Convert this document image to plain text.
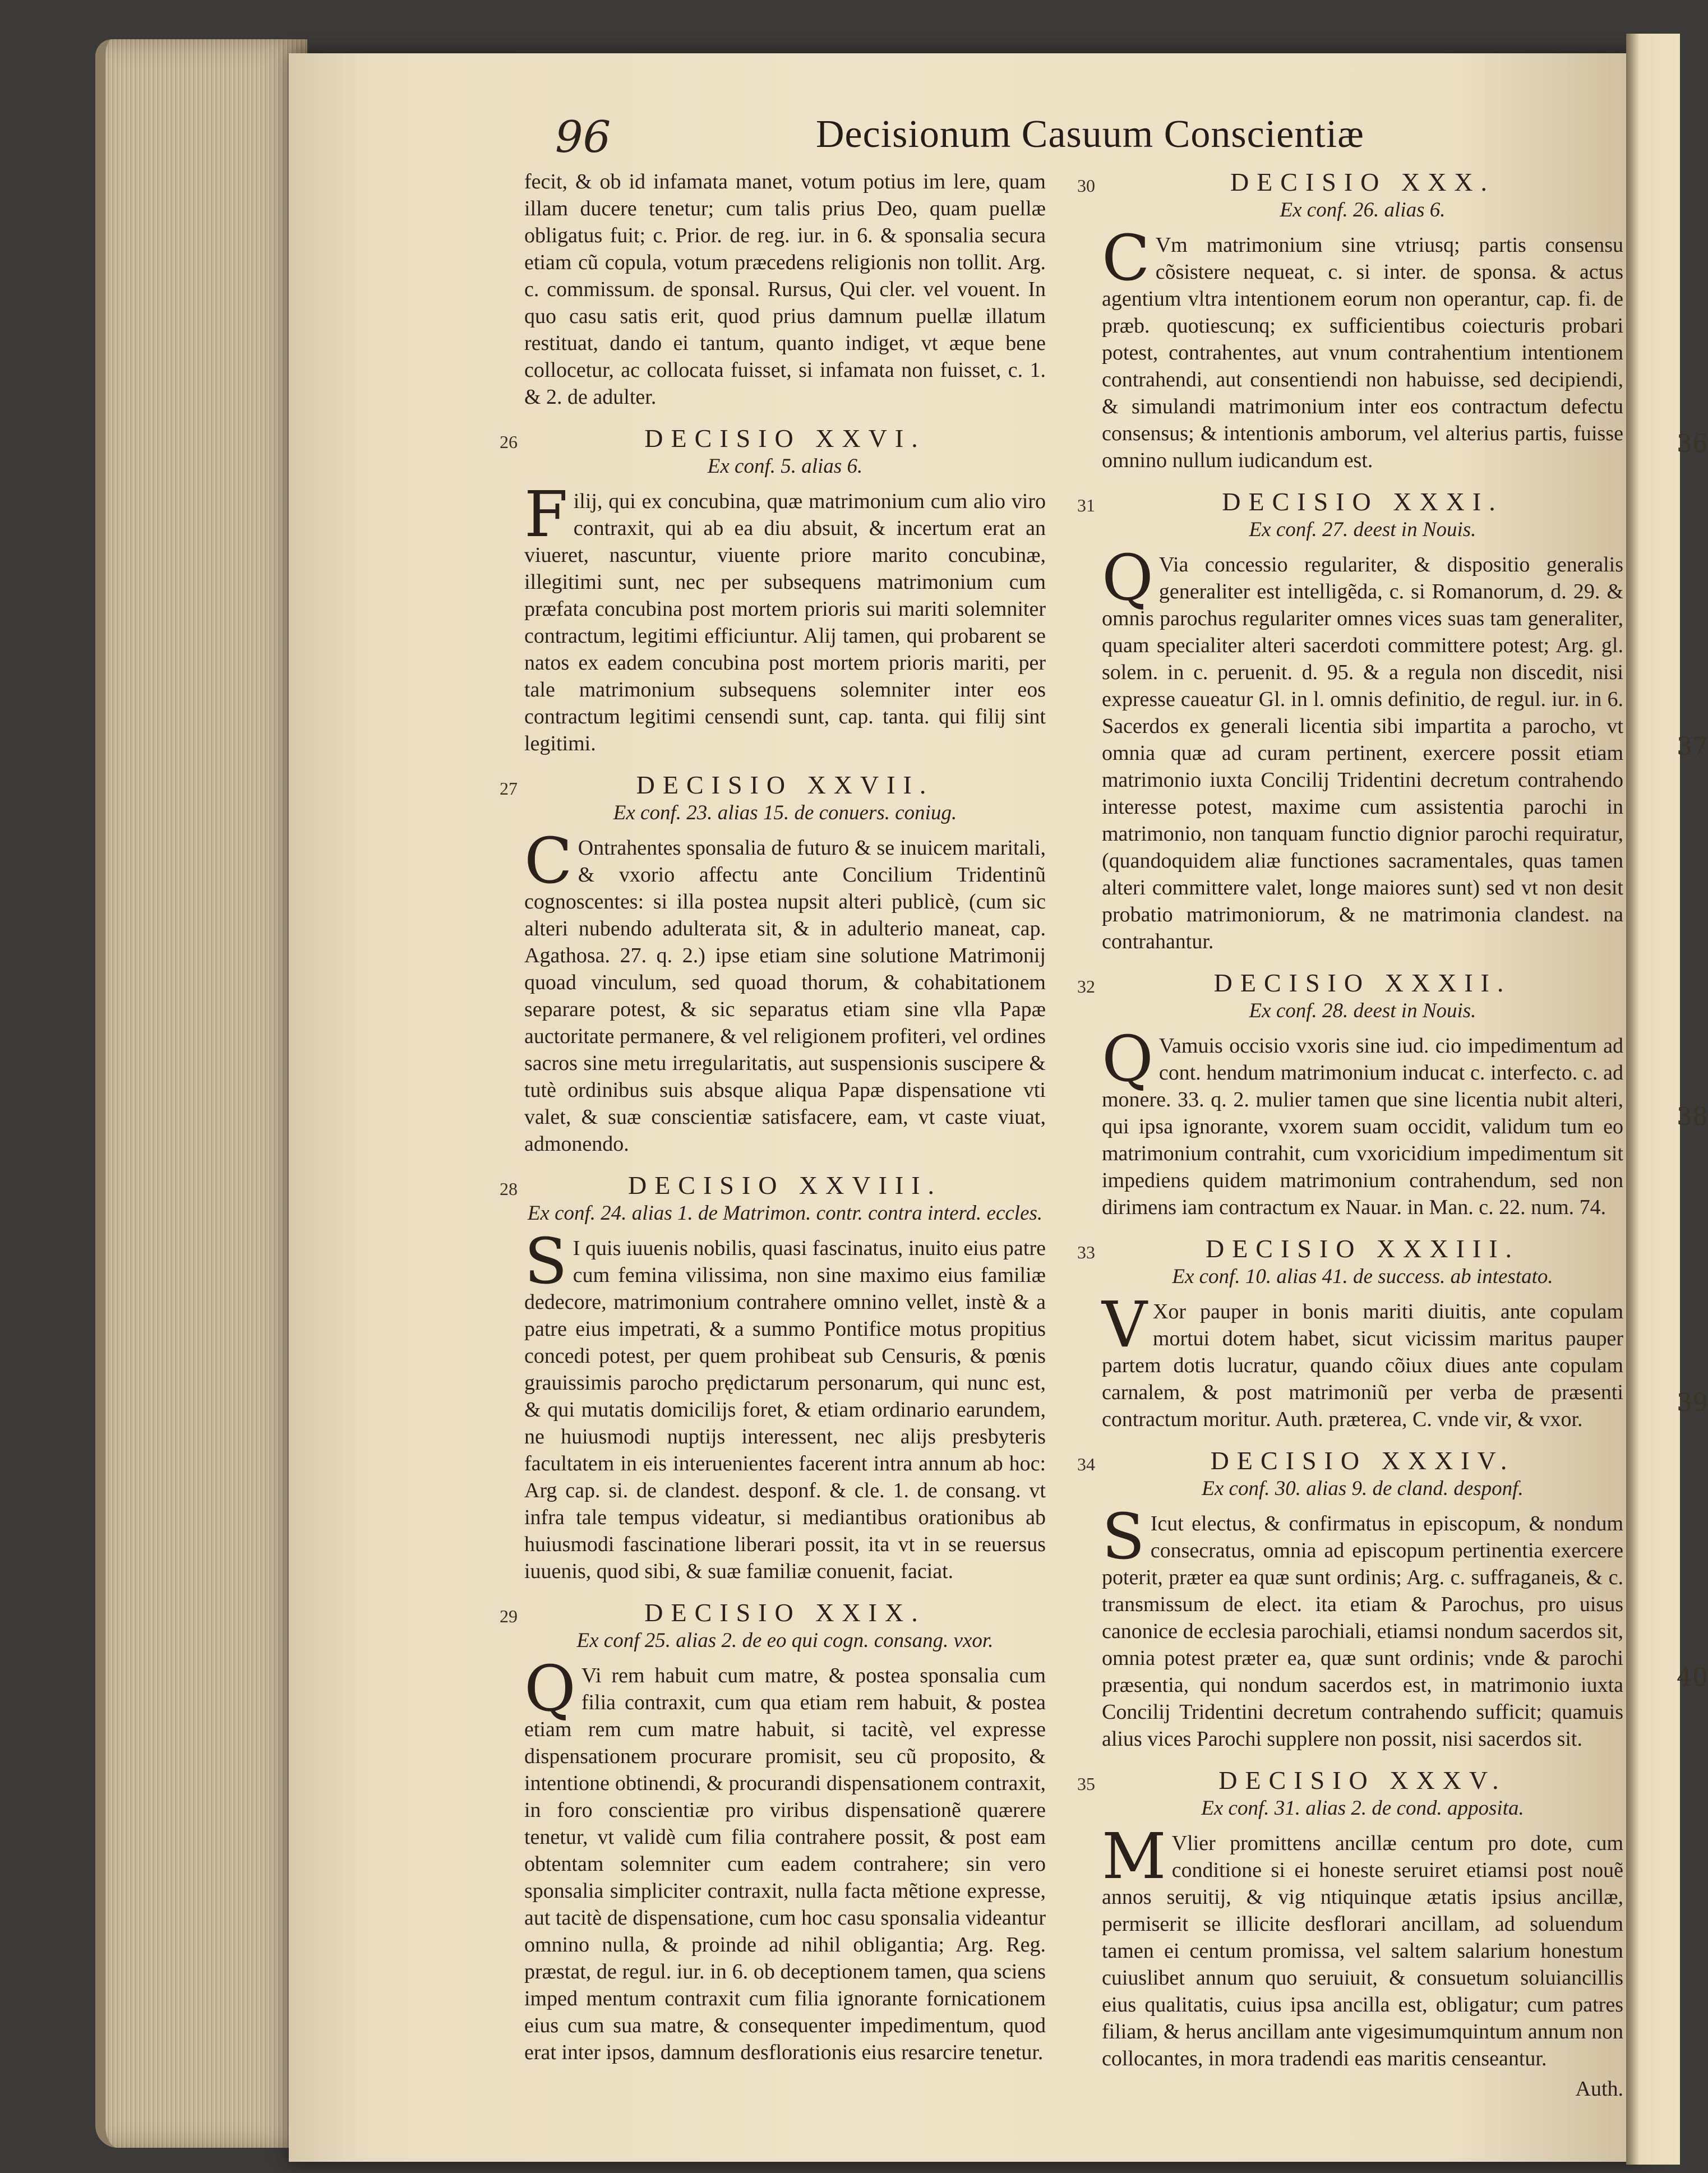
96	Decisionum Casuum Conscientiæ

fecit, & ob id infamata manet, votum potius im lere, quam illam ducere tenetur; cum talis prius Deo, quam puellæ obligatus fuit; c. Prior. de reg. iur. in 6. & sponsalia secura etiam cũ copula, votum præcedens religionis non tollit. Arg. c. commissum. de sponsal. Rursus, Qui cler. vel vouent. In quo casu satis erit, quod prius damnum puellæ illatum restituat, dando ei tantum, quanto indiget, vt æque bene collocetur, ac collocata fuisset, si infamata non fuisset, c. 1. & 2. de adulter.

DECISIO XXVI.
Ex conf. 5. alias 6.
26

Filij, qui ex concubina, quæ matrimonium cum alio viro contraxit, qui ab ea diu absuit, & incertum erat an viueret, nascuntur, viuente priore marito concubinæ, illegitimi sunt, nec per subsequens matrimonium cum præfata concubina post mortem prioris sui mariti solemniter contractum, legitimi efficiuntur. Alij tamen, qui probarent se natos ex eadem concubina post mortem prioris mariti, per tale matrimonium subsequens solemniter inter eos contractum legitimi censendi sunt, cap. tanta. qui filij sint legitimi.

DECISIO XXVII.
Ex conf. 23. alias 15. de conuers. coniug.
27

C Ontrahentes sponsalia de futuro & se inuicem maritali, & vxorio affectu ante Concilium Tridentinũ cognoscentes: si illa postea nupsit alteri publicè, (cum sic alteri nubendo adulterata sit, & in adulterio maneat, cap. Agathosa. 27. q. 2.) ipse etiam sine solutione Matrimonij quoad vinculum, sed quoad thorum, & cohabitationem separare potest, & sic separatus etiam sine vlla Papæ auctoritate permanere, & vel religionem profiteri, vel ordines sacros sine metu irregularitatis, aut suspensionis suscipere & tutè ordinibus suis absque aliqua Papæ dispensatione vti valet, & suæ conscientiæ satisfacere, eam, vt caste viuat, admonendo.

DECISIO XXVIII.
Ex conf. 24. alias 1. de Matrimon. contr. contra interd. eccles.
28

S I quis iuuenis nobilis, quasi fascinatus, inuito eius patre cum femina vilissima, non sine maximo eius familiæ dedecore, matrimonium contrahere omnino vellet, instè & a patre eius impetrati, & a summo Pontifice motus propitius concedi potest, per quem prohibeat sub Censuris, & pœnis grauissimis parocho prędictarum personarum, qui nunc est, & qui mutatis domicilijs foret, & etiam ordinario earundem, ne huiusmodi nuptijs interessent, nec alijs presbyteris facultatem in eis interuenientes facerent intra annum ab hoc: Arg cap. si. de clandest. desponf. & cle. 1. de consang. vt infra tale tempus videatur, si mediantibus orationibus ab huiusmodi fascinatione liberari possit, ita vt in se reuersus iuuenis, quod sibi, & suæ familiæ conuenit, faciat.

DECISIO XXIX.
Ex conf 25. alias 2. de eo qui cogn. consang. vxor.
29

Q Vi rem habuit cum matre, & postea sponsalia cum filia contraxit, cum qua etiam rem habuit, & postea etiam rem cum matre habuit, si tacitè, vel expresse dispensationem procurare promisit, seu cũ proposito, & intentione obtinendi, & procurandi dispensationem contraxit, in foro conscientiæ pro viribus dispensationẽ quærere tenetur, vt validè cum filia contrahere possit, & post eam obtentam solemniter cum eadem contrahere; sin vero sponsalia simpliciter contraxit, nulla facta mẽtione expresse, aut tacitè de dispensatione, cum hoc casu sponsalia videantur omnino nulla, & proinde ad nihil obligantia; Arg. Reg. præstat, de regul. iur. in 6. ob deceptionem tamen, qua sciens imped mentum contraxit cum filia ignorante fornicationem eius cum sua matre, & consequenter impedimentum, quod erat inter ipsos, damnum desflorationis eius resarcire tenetur.

DECISIO XXX.
Ex conf. 26. alias 6.
30

C Vm matrimonium sine vtriusq; partis consensu cõsistere nequeat, c. si inter. de sponsa. & actus agentium vltra intentionem eorum non operantur, cap. fi. de præb. quotiescunq; ex sufficientibus coiecturis probari potest, contrahentes, aut vnum contrahentium intentionem contrahendi, aut consentiendi non habuisse, sed decipiendi, & simulandi matrimonium inter eos contractum defectu consensus; & intentionis amborum, vel alterius partis, fuisse omnino nullum iudicandum est.

DECISIO XXXI.
Ex conf. 27. deest in Nouis.
31

Q Via concessio regulariter, & dispositio generalis generaliter est intelligẽda, c. si Romanorum, d. 29. & omnis parochus regulariter omnes vices suas tam generaliter, quam specialiter alteri sacerdoti committere potest; Arg. gl. solem. in c. peruenit. d. 95. & a regula non discedit, nisi expresse caueatur Gl. in l. omnis definitio, de regul. iur. in 6. Sacerdos ex generali licentia sibi impartita a parocho, vt omnia quæ ad curam pertinent, exercere possit etiam matrimonio iuxta Concilij Tridentini decretum contrahendo interesse potest, maxime cum assistentia parochi in matrimonio, non tanquam functio dignior parochi requiratur, (quandoquidem aliæ functiones sacramentales, quas tamen alteri committere valet, longe maiores sunt) sed vt non desit probatio matrimoniorum, & ne matrimonia clandest. na contrahantur.

DECISIO XXXII.
Ex conf. 28. deest in Nouis.
32

Q Vamuis occisio vxoris sine iud. cio impedimentum ad cont. hendum matrimonium inducat c. interfecto. c. ad monere. 33. q. 2. mulier tamen que sine licentia nubit alteri, qui ipsa ignorante, vxorem suam occidit, validum tum eo matrimonium contrahit, cum vxoricidium impedimentum sit impediens quidem matrimonium contrahendum, sed non dirimens iam contractum ex Nauar. in Man. c. 22. num. 74.

DECISIO XXXIII.
Ex conf. 10. alias 41. de success. ab intestato.
33

V Xor pauper in bonis mariti diuitis, ante copulam mortui dotem habet, sicut vicissim maritus pauper partem dotis lucratur, quando cõiux diues ante copulam carnalem, & post matrimoniũ per verba de præsenti contractum moritur. Auth. præterea, C. vnde vir, & vxor.

DECISIO XXXIV.
Ex conf. 30. alias 9. de cland. desponf.
34

S Icut electus, & confirmatus in episcopum, & nondum consecratus, omnia ad episcopum pertinentia exercere poterit, præter ea quæ sunt ordinis; Arg. c. suffraganeis, & c. transmissum de elect. ita etiam & Parochus, pro uisus canonice de ecclesia parochiali, etiamsi nondum sacerdos sit, omnia potest præter ea, quæ sunt ordinis; vnde & parochi præsentia, qui nondum sacerdos est, in matrimonio iuxta Concilij Tridentini decretum contrahendo sufficit; quamuis alius vices Parochi supplere non possit, nisi sacerdos sit.

DECISIO XXXV.
Ex conf. 31. alias 2. de cond. apposita.
35

M Vlier promittens ancillæ centum pro dote, cum conditione si ei honeste seruiret etiamsi post nouẽ annos seruitij, & vig ntiquinque ætatis ipsius ancillæ, permiserit se illicite desflorari ancillam, ad soluendum tamen ei centum promissa, vel saltem salarium honestum cuiuslibet annum quo seruiuit, & consuetum soluiancillis eius qualitatis, cuius ipsa ancilla est, obligatur; cum patres filiam, & herus ancillam ante vigesimumquintum annum non collocantes, in mora tradendi eas maritis censeantur.

Auth.
36
37
38
39
40
